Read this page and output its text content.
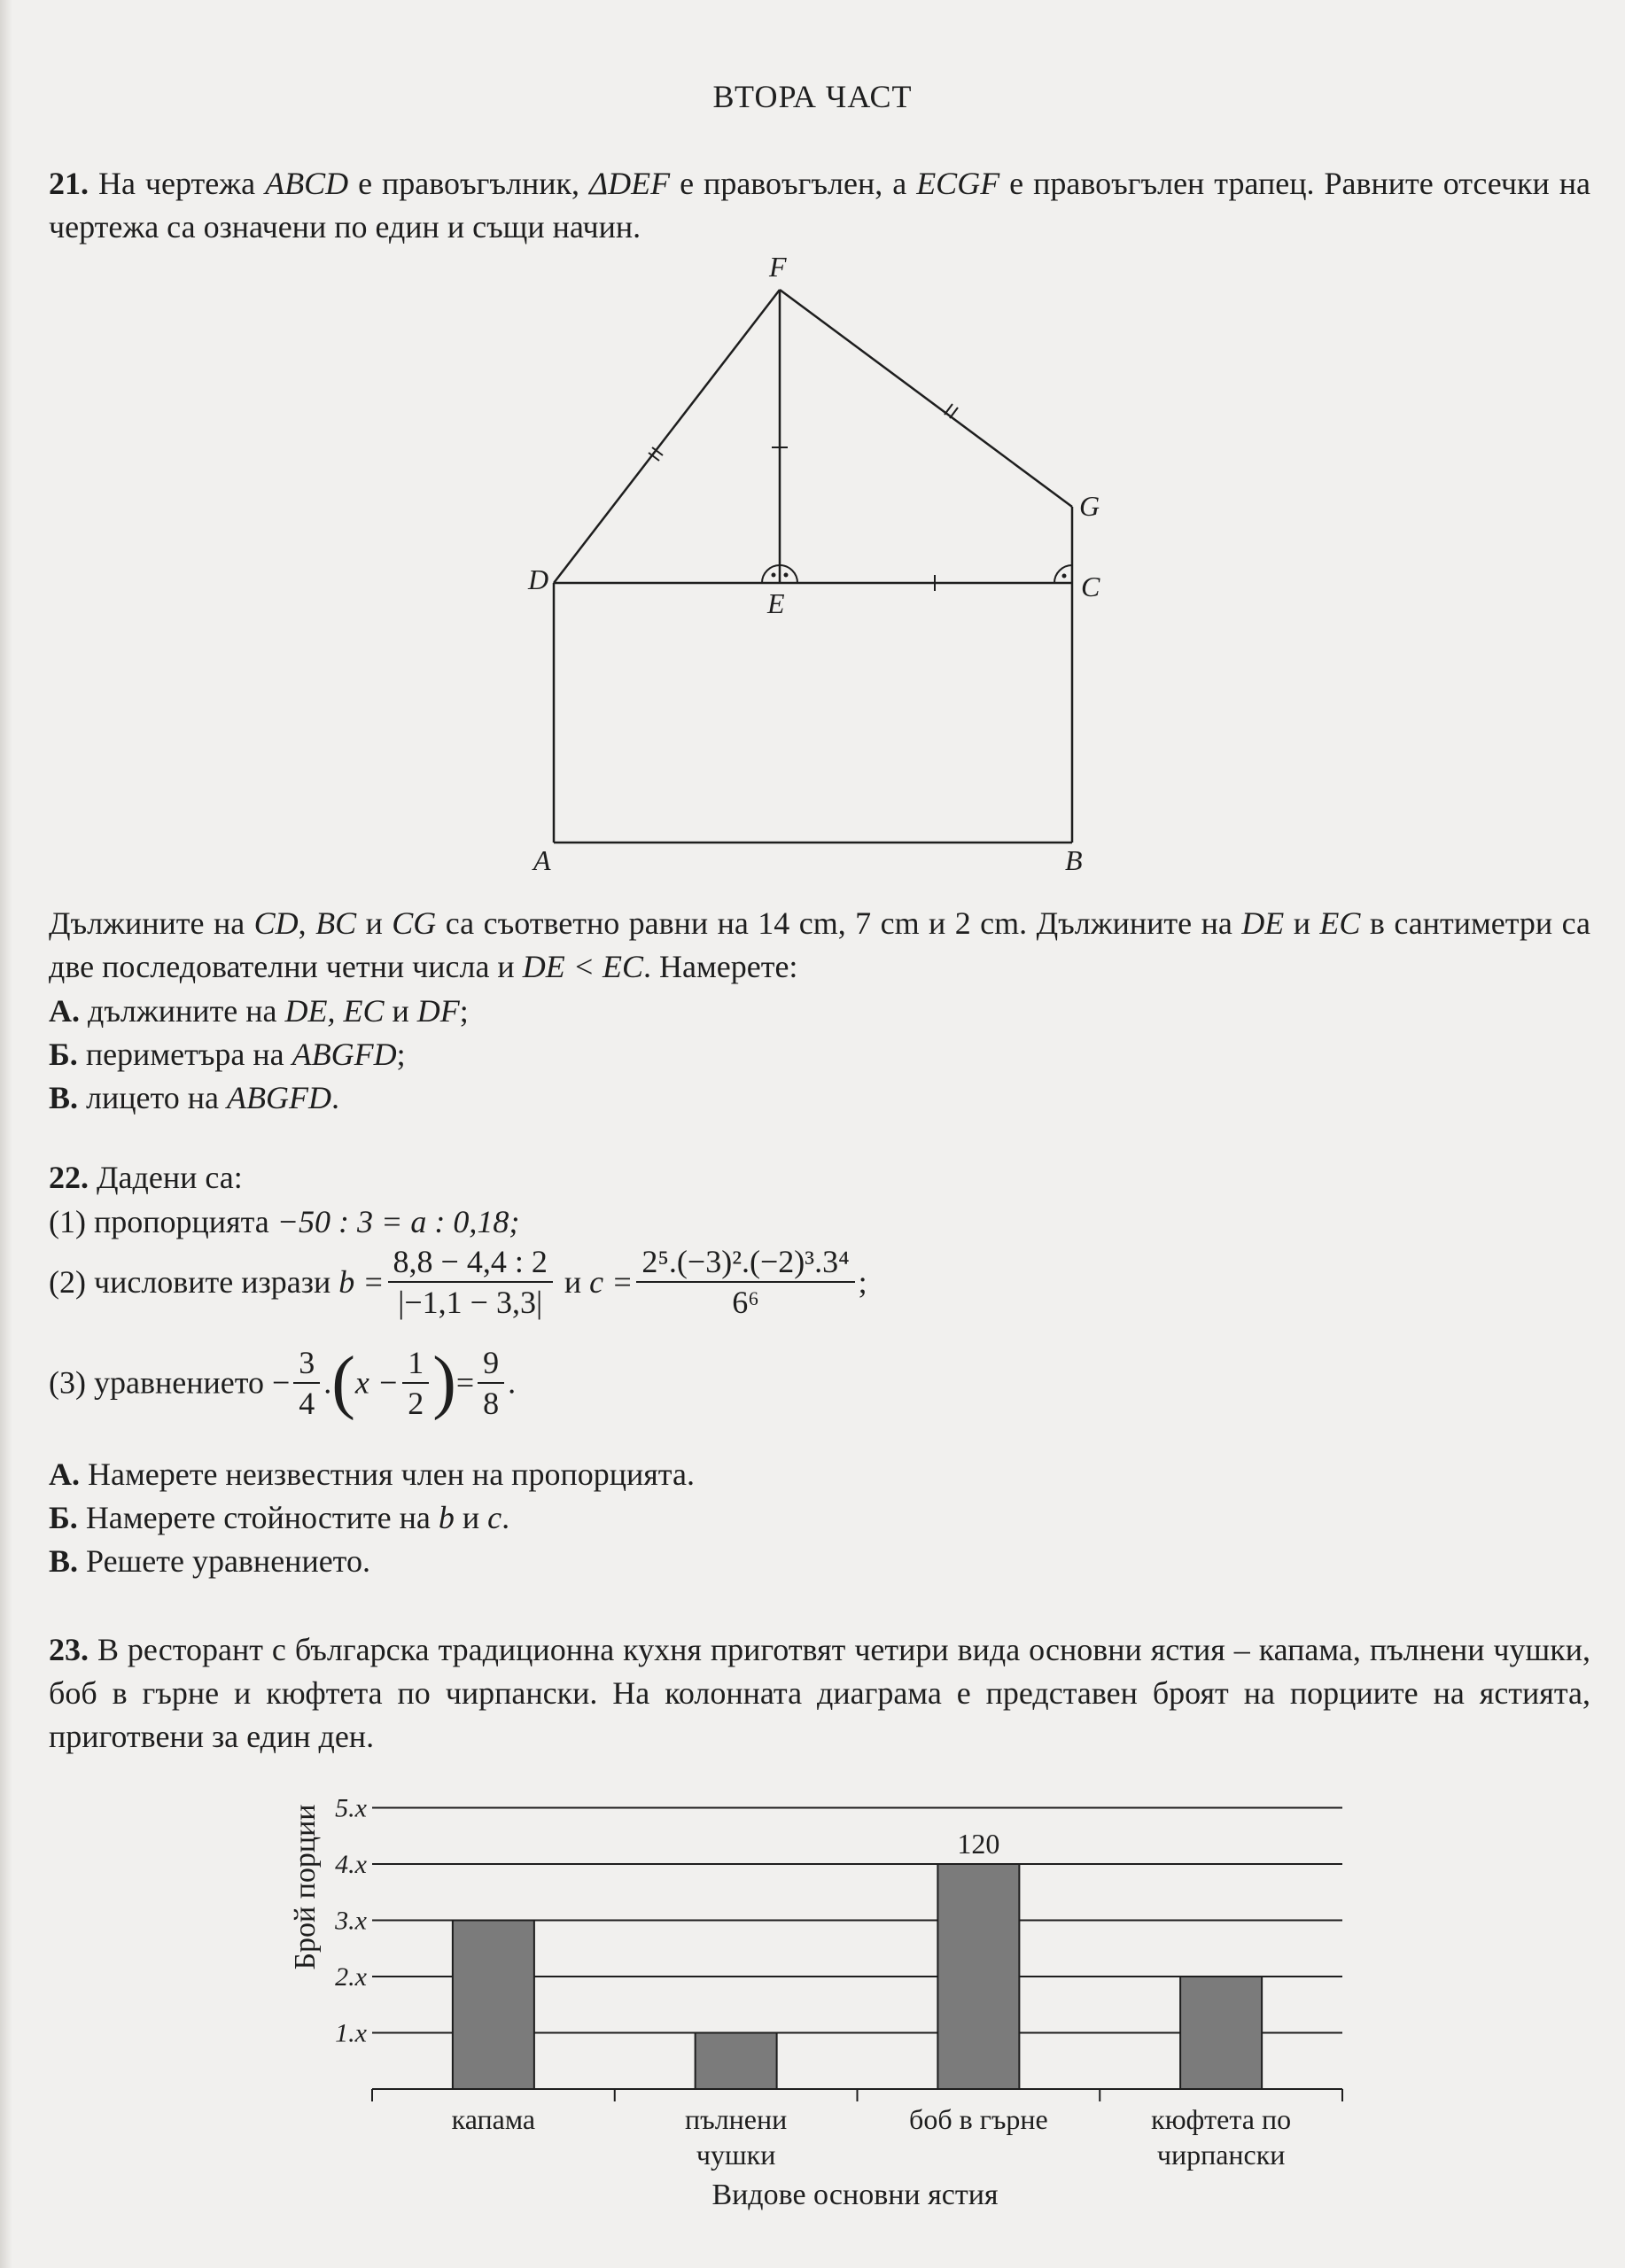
ВТОРА ЧАСТ

21. На чертежа ABCD е правоъгълник, ΔDEF е правоъгълен, а ECGF е правоъгълен трапец. Равните отсечки на чертежа са означени по един и същи начин.

F
G
D
E
C
A	B

Дължините на CD, BC и CG са съответно равни на 14 cm, 7 cm и 2 cm. Дължините на DE и EC в сантиметри са две последователни четни числа и DE < EC. Намерете:

А. дължините на DE, EC и DF;
Б. периметъра на ABGFD;
В. лицето на ABGFD.
22. Дадени са:
(1) пропорцията −50 : 3 = a : 0,18;
(2) числовите изрази $b = \frac{8,8 - 4,4 : 2}{|-1,1 - 3,3|}$ и $c = \frac{\text{2⁵.(−3)².(−2)³.3⁴}}{\text{6⁶}}$ ;
(3) уравнението − $\frac{3}{4} .(x - \frac{1}{2}$ )= $\frac{9}{8}$ .
А. Намерете неизвестния член на пропорцията.
Б. Намерете стойностите на b и c.
В. Решете уравнението.

23. В ресторант с българска традиционна кухня приготвят четири вида основни ястия – капама, пълнени чушки, боб в гърне и кюфтета по чирпански. На колонната диаграма е представен броят на порциите на ястията, приготвени за един ден.

1.x
2.x
3.x
4.x
5.x
капама	пълнени
чушки
120
боб в гърне	кюфтета по
чирпански
Брой порции
Видове основни ястия
